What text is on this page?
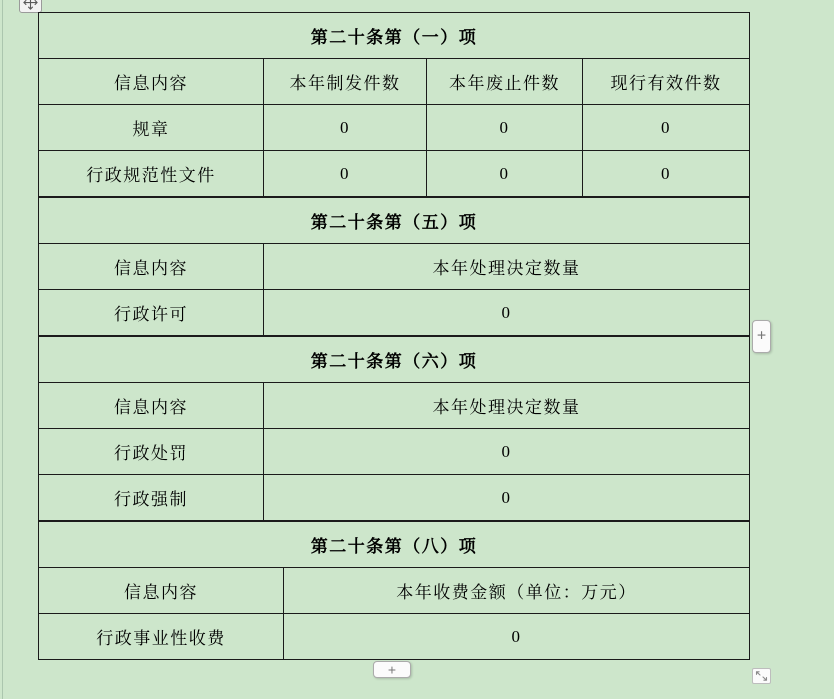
第二十条第（一）项			
信息内容	本年制发件数	本年废止件数	现行有效件数
规章	0	0	0
行政规范性文件	0	0	0
第二十条第（五）项	
信息内容	本年处理决定数量
行政许可	0
第二十条第（六）项	
信息内容	本年处理决定数量
行政处罚	0
行政强制	0
第二十条第（八）项	
信息内容	本年收费金额（单位：万元）
行政事业性收费	0
+
+
